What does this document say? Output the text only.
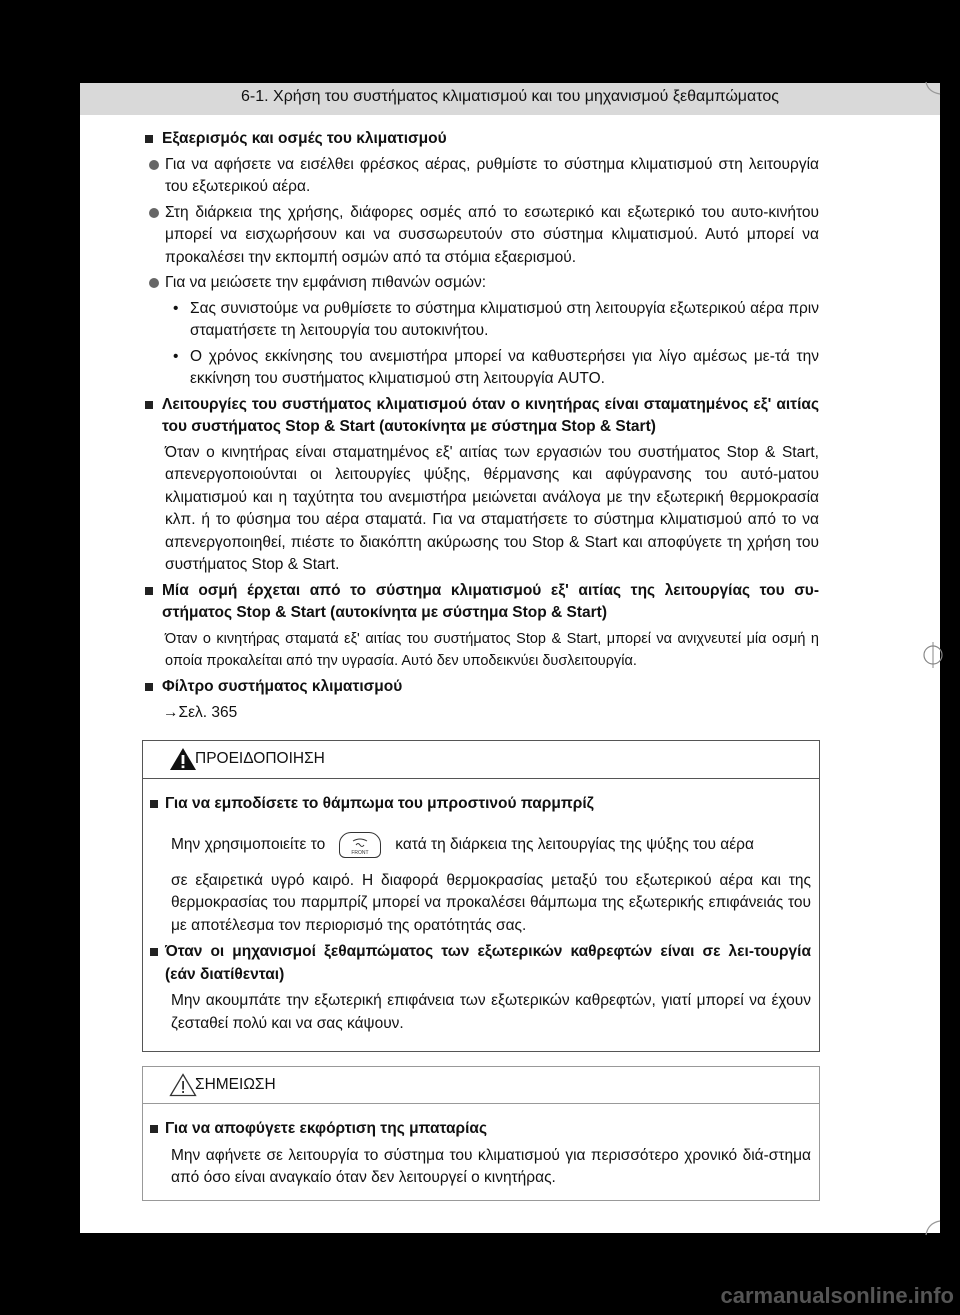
6-1. Χρήση του συστήματος κλιματισμού και του μηχανισμού ξεθαμπώματος
Εξαερισμός και οσμές του κλιματισμού
Για να αφήσετε να εισέλθει φρέσκος αέρας, ρυθμίστε το σύστημα κλιματισμού στη λειτουργία του εξωτερικού αέρα.
Στη διάρκεια της χρήσης, διάφορες οσμές από το εσωτερικό και εξωτερικό του αυτο-κινήτου μπορεί να εισχωρήσουν και να συσσωρευτούν στο σύστημα κλιματισμού. Αυτό μπορεί να προκαλέσει την εκπομπή οσμών από τα στόμια εξαερισμού.
Για να μειώσετε την εμφάνιση πιθανών οσμών:
• Σας συνιστούμε να ρυθμίσετε το σύστημα κλιματισμού στη λειτουργία εξωτερικού αέρα πριν σταματήσετε τη λειτουργία του αυτοκινήτου.
• Ο χρόνος εκκίνησης του ανεμιστήρα μπορεί να καθυστερήσει για λίγο αμέσως με-τά την εκκίνηση του συστήματος κλιματισμού στη λειτουργία AUTO.
Λειτουργίες του συστήματος κλιματισμού όταν ο κινητήρας είναι σταματημένος εξ' αιτίας του συστήματος Stop & Start (αυτοκίνητα με σύστημα Stop & Start)
Όταν ο κινητήρας είναι σταματημένος εξ' αιτίας των εργασιών του συστήματος Stop & Start, απενεργοποιούνται οι λειτουργίες ψύξης, θέρμανσης και αφύγρανσης του αυτό-ματου κλιματισμού και η ταχύτητα του ανεμιστήρα μειώνεται ανάλογα με την εξωτερική θερμοκρασία κλπ. ή το φύσημα του αέρα σταματά. Για να σταματήσετε το σύστημα κλιματισμού από το να απενεργοποιηθεί, πιέστε το διακόπτη ακύρωσης του Stop & Start και αποφύγετε τη χρήση του συστήματος Stop & Start.
Μία οσμή έρχεται από το σύστημα κλιματισμού εξ' αιτίας της λειτουργίας του συ-στήματος Stop & Start (αυτοκίνητα με σύστημα Stop & Start)
Όταν ο κινητήρας σταματά εξ' αιτίας του συστήματος Stop & Start, μπορεί να ανιχνευτεί μία οσμή η οποία προκαλείται από την υγρασία. Αυτό δεν υποδεικνύει δυσλειτουργία.
Φίλτρο συστήματος κλιματισμού
→Σελ. 365
ΠΡΟΕΙΔΟΠΟΙΗΣΗ
Για να εμποδίσετε το θάμπωμα του μπροστινού παρμπρίζ
Μην χρησιμοποιείτε το	FRONT κατά τη διάρκεια της λειτουργίας της ψύξης του αέρα
σε εξαιρετικά υγρό καιρό. Η διαφορά θερμοκρασίας μεταξύ του εξωτερικού αέρα και της θερμοκρασίας του παρμπρίζ μπορεί να προκαλέσει θάμπωμα της εξωτερικής επιφάνειάς του με αποτέλεσμα τον περιορισμό της ορατότητάς σας.
Όταν οι μηχανισμοί ξεθαμπώματος των εξωτερικών καθρεφτών είναι σε λει-τουργία (εάν διατίθενται)
Μην ακουμπάτε την εξωτερική επιφάνεια των εξωτερικών καθρεφτών, γιατί μπορεί να έχουν ζεσταθεί πολύ και να σας κάψουν.
ΣΗΜΕΙΩΣΗ
Για να αποφύγετε εκφόρτιση της μπαταρίας
Μην αφήνετε σε λειτουργία το σύστημα του κλιματισμού για περισσότερο χρονικό διά-στημα από όσο είναι αναγκαίο όταν δεν λειτουργεί ο κινητήρας.
carmanualsonline.info
